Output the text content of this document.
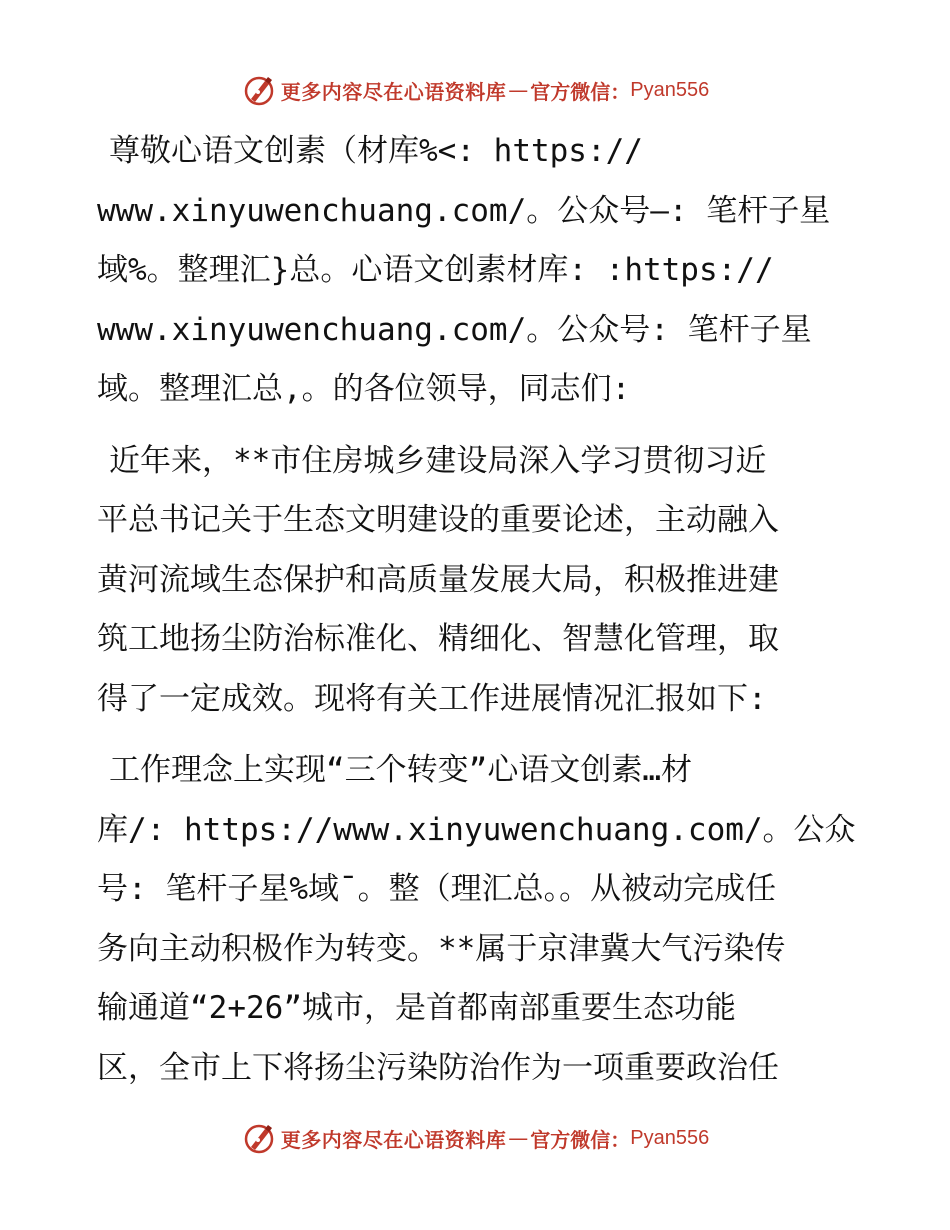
更多内容尽在心语资料库 — 官方微信： Pyan556
尊敬心语文创素（材库%<: https://
www.xinyuwenchuang.com/。公众号—: 笔杆子星
域%。整理汇}总。心语文创素材库: :https://
www.xinyuwenchuang.com/。公众号: 笔杆子星
域。整理汇总,。的各位领导，同志们:
近年来，**市住房城乡建设局深入学习贯彻习近
平总书记关于生态文明建设的重要论述，主动融入
黄河流域生态保护和高质量发展大局，积极推进建
筑工地扬尘防治标准化、精细化、智慧化管理，取
得了一定成效。现将有关工作进展情况汇报如下:
工作理念上实现“三个转变”心语文创素…材
库/: https://www.xinyuwenchuang.com/。公众
号: 笔杆子星%域¯。整（理汇总。。从被动完成任
务向主动积极作为转变。**属于京津冀大气污染传
输通道“2+26”城市，是首都南部重要生态功能
区，全市上下将扬尘污染防治作为一项重要政治任
更多内容尽在心语资料库 — 官方微信： Pyan556
